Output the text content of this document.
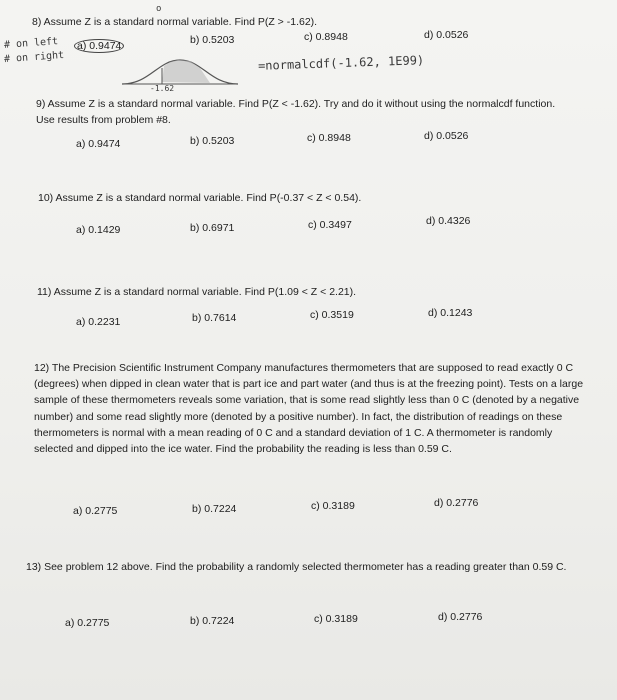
8) Assume Z is a standard normal variable. Find P(Z > -1.62).
o
# on left
# on right
a) 0.9474	b) 0.5203	c) 0.8948	d) 0.0526
-1.62
=normalcdf(-1.62, 1E99)
9) Assume Z is a standard normal variable. Find P(Z < -1.62). Try and do it without using the normalcdf function. Use results from problem #8.
a) 0.9474	b) 0.5203	c) 0.8948	d) 0.0526
10) Assume Z is a standard normal variable. Find P(-0.37 < Z < 0.54).
a) 0.1429	b) 0.6971	c) 0.3497	d) 0.4326
11) Assume Z is a standard normal variable. Find P(1.09 < Z < 2.21).
a) 0.2231	b) 0.7614	c) 0.3519	d) 0.1243
12) The Precision Scientific Instrument Company manufactures thermometers that are supposed to read exactly 0 C (degrees) when dipped in clean water that is part ice and part water (and thus is at the freezing point). Tests on a large sample of these thermometers reveals some variation, that is some read slightly less than 0 C (denoted by a negative number) and some read slightly more (denoted by a positive number). In fact, the distribution of readings on these thermometers is normal with a mean reading of 0 C and a standard deviation of 1 C. A thermometer is randomly selected and dipped into the ice water. Find the probability the reading is less than 0.59 C.
a) 0.2775	b) 0.7224	c) 0.3189	d) 0.2776
13) See problem 12 above. Find the probability a randomly selected thermometer has a reading greater than 0.59 C.
a) 0.2775	b) 0.7224	c) 0.3189	d) 0.2776
